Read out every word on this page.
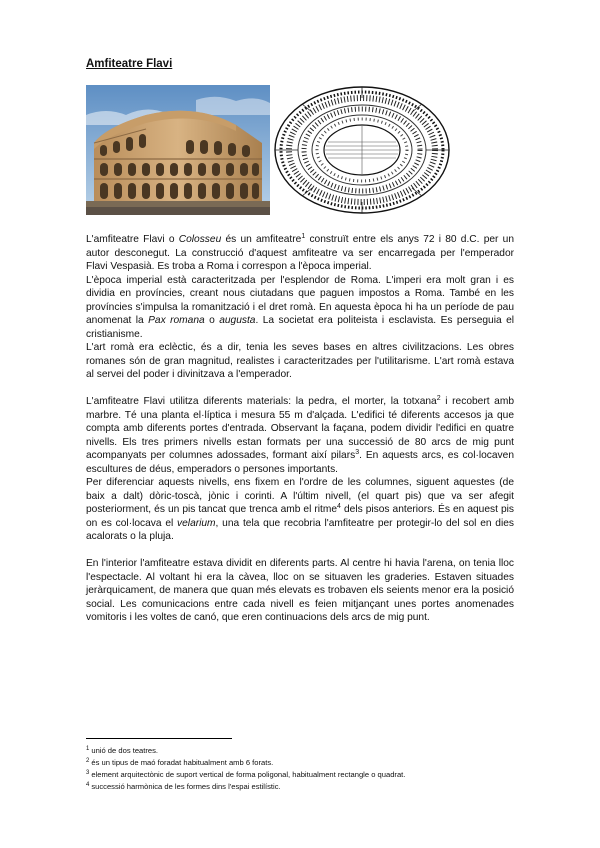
Amfiteatre Flavi

L'amfiteatre Flavi o Colosseu és un amfiteatre$^1$ construït entre els anys 72 i 80 d.C. per un autor desconegut. La construcció d'aquest amfiteatre va ser encarregada per l'emperador Flavi Vespasià. Es troba a Roma i correspon a l'època imperial.

L'època imperial està caracteritzada per l'esplendor de Roma. L'imperi era molt gran i es dividia en províncies, creant nous ciutadans que paguen impostos a Roma. També en les províncies s'impulsa la romanització i el dret romà. En aquesta època hi ha un període de pau anomenat la Pax romana o augusta. La societat era politeista i esclavista. Es perseguia el cristianisme.

L'art romà era eclèctic, és a dir, tenia les seves bases en altres civilitzacions. Les obres romanes són de gran magnitud, realistes i caracteritzades per l'utilitarisme. L'art romà estava al servei del poder i divinitzava a l'emperador.

L'amfiteatre Flavi utilitza diferents materials: la pedra, el morter, la totxana$^2$ i recobert amb marbre. Té una planta el·líptica i mesura 55 m d'alçada. L'edifici té diferents accesos ja que compta amb diferents portes d'entrada. Observant la façana, podem dividir l'edifici en quatre nivells. Els tres primers nivells estan formats per una successió de 80 arcs de mig punt acompanyats per columnes adossades, formant així pilars$^3$. En aquests arcs, es col·locaven escultures de déus, emperadors o persones importants.

Per diferenciar aquests nivells, ens fixem en l'ordre de les columnes, siguent aquestes (de baix a dalt) dòric-toscà, jònic i corinti. A l'últim nivell, (el quart pis) que va ser afegit posteriorment, és un pis tancat que trenca amb el ritme$^4$ dels pisos anteriors. És en aquest pis on es col·locava el velarium, una tela que recobria l'amfiteatre per protegir-lo del sol en dies acalorats o la pluja.

En l'interior l'amfiteatre estava dividit en diferents parts. Al centre hi havia l'arena, on tenia lloc l'espectacle. Al voltant hi era la càvea, lloc on se situaven les graderies. Estaven situades jeràrquicament, de manera que quan més elevats es trobaven els seients menor era la posició social. Les comunicacions entre cada nivell es feien mitjançant unes portes anomenades vomitoris i les voltes de canó, que eren continuacions dels arcs de mig punt.

$^1$ unió de dos teatres.
$^2$ és un tipus de maó foradat habitualment amb 6 forats.
$^3$ element arquitectònic de suport vertical de forma poligonal, habitualment rectangle o quadrat.
$^4$ successió harmònica de les formes dins l'espai estilístic.
